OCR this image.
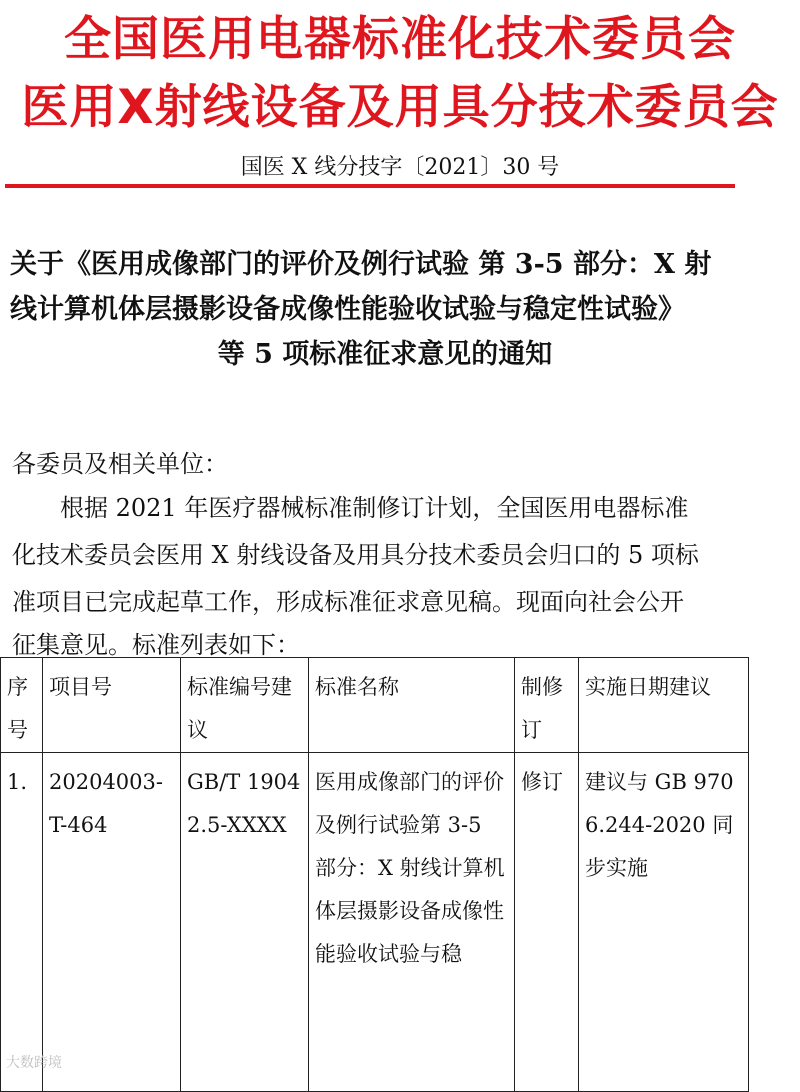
全国医用电器标准化技术委员会
医用X射线设备及用具分技术委员会
国医 X 线分技字〔2021〕30 号
关于《医用成像部门的评价及例行试验 第 3-5 部分：X 射
线计算机体层摄影设备成像性能验收试验与稳定性试验》
等 5 项标准征求意见的通知
各委员及相关单位：
根据 2021 年医疗器械标准制修订计划，全国医用电器标准
化技术委员会医用 X 射线设备及用具分技术委员会归口的 5 项标
准项目已完成起草工作，形成标准征求意见稿。现面向社会公开
征集意见。标准列表如下：
序号	项目号	标准编号建议	标准名称	制修订	实施日期建议
1.	20204003-T-464	GB/T 19042.5-XXXX	医用成像部门的评价及例行试验第 3-5 部分：X 射线计算机体层摄影设备成像性能验收试验与稳	修订	建议与 GB 9706.244-2020 同步实施
大数跨境
